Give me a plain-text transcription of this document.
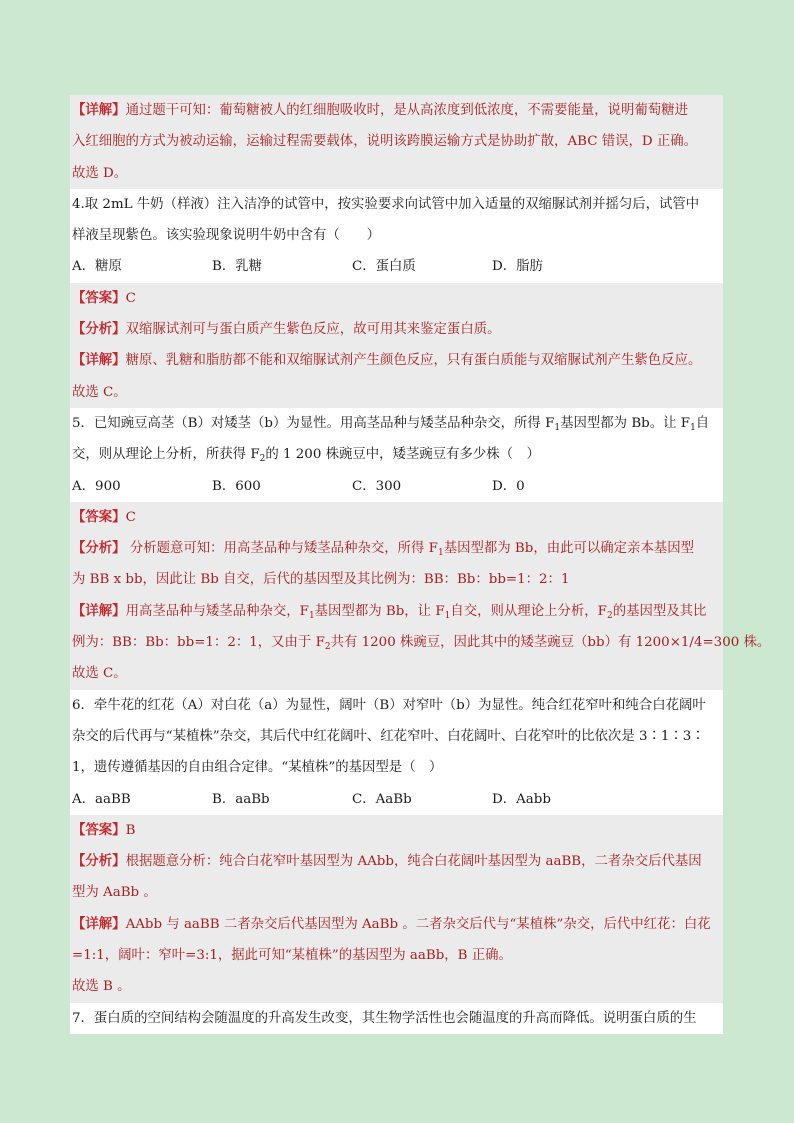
【详解】通过题干可知：葡萄糖被人的红细胞吸收时，是从高浓度到低浓度，不需要能量，说明葡萄糖进
入红细胞的方式为被动运输，运输过程需要载体，说明该跨膜运输方式是协助扩散，ABC 错误，D 正确。
故选 D。
4.取 2mL 牛奶（样液）注入洁净的试管中，按实验要求向试管中加入适量的双缩脲试剂并摇匀后，试管中
样液呈现紫色。该实验现象说明牛奶中含有（　　）
A．糖原	B．乳糖	C．蛋白质	D．脂肪
【答案】C
【分析】双缩脲试剂可与蛋白质产生紫色反应，故可用其来鉴定蛋白质。
【详解】糖原、乳糖和脂肪都不能和双缩脲试剂产生颜色反应，只有蛋白质能与双缩脲试剂产生紫色反应。
故选 C。
5．已知豌豆高茎（B）对矮茎（b）为显性。用高茎品种与矮茎品种杂交，所得 $F_1$基因型都为 Bb。让 $F_1$自
交，则从理论上分析，所获得 $F_2$的 1 200 株豌豆中，矮茎豌豆有多少株（　）
A．900	B．600	C．300	D．0
【答案】C
【分析】 分析题意可知：用高茎品种与矮茎品种杂交，所得 $F_1$基因型都为 Bb，由此可以确定亲本基因型
为 BB x bb，因此让 Bb 自交，后代的基因型及其比例为：BB：Bb：bb=1：2：1
【详解】用高茎品种与矮茎品种杂交，$F_1$基因型都为 Bb，让 $F_1$自交，则从理论上分析，$F_2$的基因型及其比
例为：BB：Bb：bb=1：2：1，又由于 $F_2$共有 1200 株豌豆，因此其中的矮茎豌豆（bb）有 1200×1/4=300 株。
故选 C。
6．牵牛花的红花（A）对白花（a）为显性，阔叶（B）对窄叶（b）为显性。纯合红花窄叶和纯合白花阔叶
杂交的后代再与“某植株”杂交，其后代中红花阔叶、红花窄叶、白花阔叶、白花窄叶的比依次是 3∶1∶3∶
1，遗传遵循基因的自由组合定律。“某植株”的基因型是（　）
A．aaBB	B．aaBb	C．AaBb	D．Aabb
【答案】B
【分析】根据题意分析：纯合白花窄叶基因型为 AAbb，纯合白花阔叶基因型为 aaBB，二者杂交后代基因
型为 AaBb 。
【详解】AAbb 与 aaBB 二者杂交后代基因型为 AaBb 。二者杂交后代与“某植株”杂交，后代中红花：白花
=1:1，阔叶：窄叶=3:1，据此可知“某植株”的基因型为 aaBb，B 正确。
故选 B 。
7．蛋白质的空间结构会随温度的升高发生改变，其生物学活性也会随温度的升高而降低。说明蛋白质的生
